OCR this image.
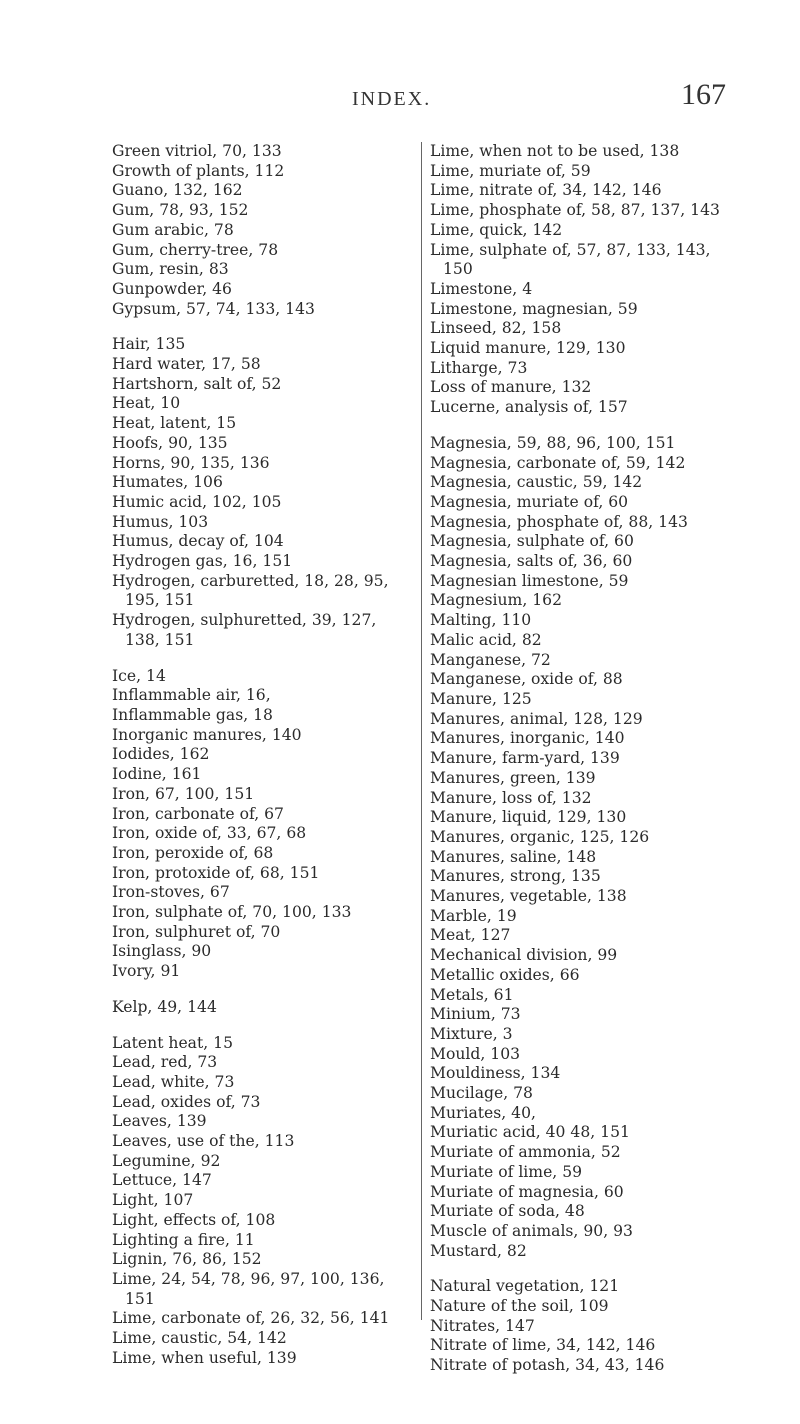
INDEX.	167
Green vitriol, 70, 133
Growth of plants, 112
Guano, 132, 162
Gum, 78, 93, 152
Gum arabic, 78
Gum, cherry-tree, 78
Gum, resin, 83
Gunpowder, 46
Gypsum, 57, 74, 133, 143
Hair, 135
Hard water, 17, 58
Hartshorn, salt of, 52
Heat, 10
Heat, latent, 15
Hoofs, 90, 135
Horns, 90, 135, 136
Humates, 106
Humic acid, 102, 105
Humus, 103
Humus, decay of, 104
Hydrogen gas, 16, 151
Hydrogen, carburetted, 18, 28, 95, 195, 151
Hydrogen, sulphuretted, 39, 127, 138, 151
Ice, 14
Inflammable air, 16,
Inflammable gas, 18
Inorganic manures, 140
Iodides, 162
Iodine, 161
Iron, 67, 100, 151
Iron, carbonate of, 67
Iron, oxide of, 33, 67, 68
Iron, peroxide of, 68
Iron, protoxide of, 68, 151
Iron-stoves, 67
Iron, sulphate of, 70, 100, 133
Iron, sulphuret of, 70
Isinglass, 90
Ivory, 91
Kelp, 49, 144
Latent heat, 15
Lead, red, 73
Lead, white, 73
Lead, oxides of, 73
Leaves, 139
Leaves, use of the, 113
Legumine, 92
Lettuce, 147
Light, 107
Light, effects of, 108
Lighting a fire, 11
Lignin, 76, 86, 152
Lime, 24, 54, 78, 96, 97, 100, 136, 151
Lime, carbonate of, 26, 32, 56, 141
Lime, caustic, 54, 142
Lime, when useful, 139
Lime, when not to be used, 138
Lime, muriate of, 59
Lime, nitrate of, 34, 142, 146
Lime, phosphate of, 58, 87, 137, 143
Lime, quick, 142
Lime, sulphate of, 57, 87, 133, 143, 150
Limestone, 4
Limestone, magnesian, 59
Linseed, 82, 158
Liquid manure, 129, 130
Litharge, 73
Loss of manure, 132
Lucerne, analysis of, 157
Magnesia, 59, 88, 96, 100, 151
Magnesia, carbonate of, 59, 142
Magnesia, caustic, 59, 142
Magnesia, muriate of, 60
Magnesia, phosphate of, 88, 143
Magnesia, sulphate of, 60
Magnesia, salts of, 36, 60
Magnesian limestone, 59
Magnesium, 162
Malting, 110
Malic acid, 82
Manganese, 72
Manganese, oxide of, 88
Manure, 125
Manures, animal, 128, 129
Manures, inorganic, 140
Manure, farm-yard, 139
Manures, green, 139
Manure, loss of, 132
Manure, liquid, 129, 130
Manures, organic, 125, 126
Manures, saline, 148
Manures, strong, 135
Manures, vegetable, 138
Marble, 19
Meat, 127
Mechanical division, 99
Metallic oxides, 66
Metals, 61
Minium, 73
Mixture, 3
Mould, 103
Mouldiness, 134
Mucilage, 78
Muriates, 40,
Muriatic acid, 40 48, 151
Muriate of ammonia, 52
Muriate of lime, 59
Muriate of magnesia, 60
Muriate of soda, 48
Muscle of animals, 90, 93
Mustard, 82
Natural vegetation, 121
Nature of the soil, 109
Nitrates, 147
Nitrate of lime, 34, 142, 146
Nitrate of potash, 34, 43, 146
